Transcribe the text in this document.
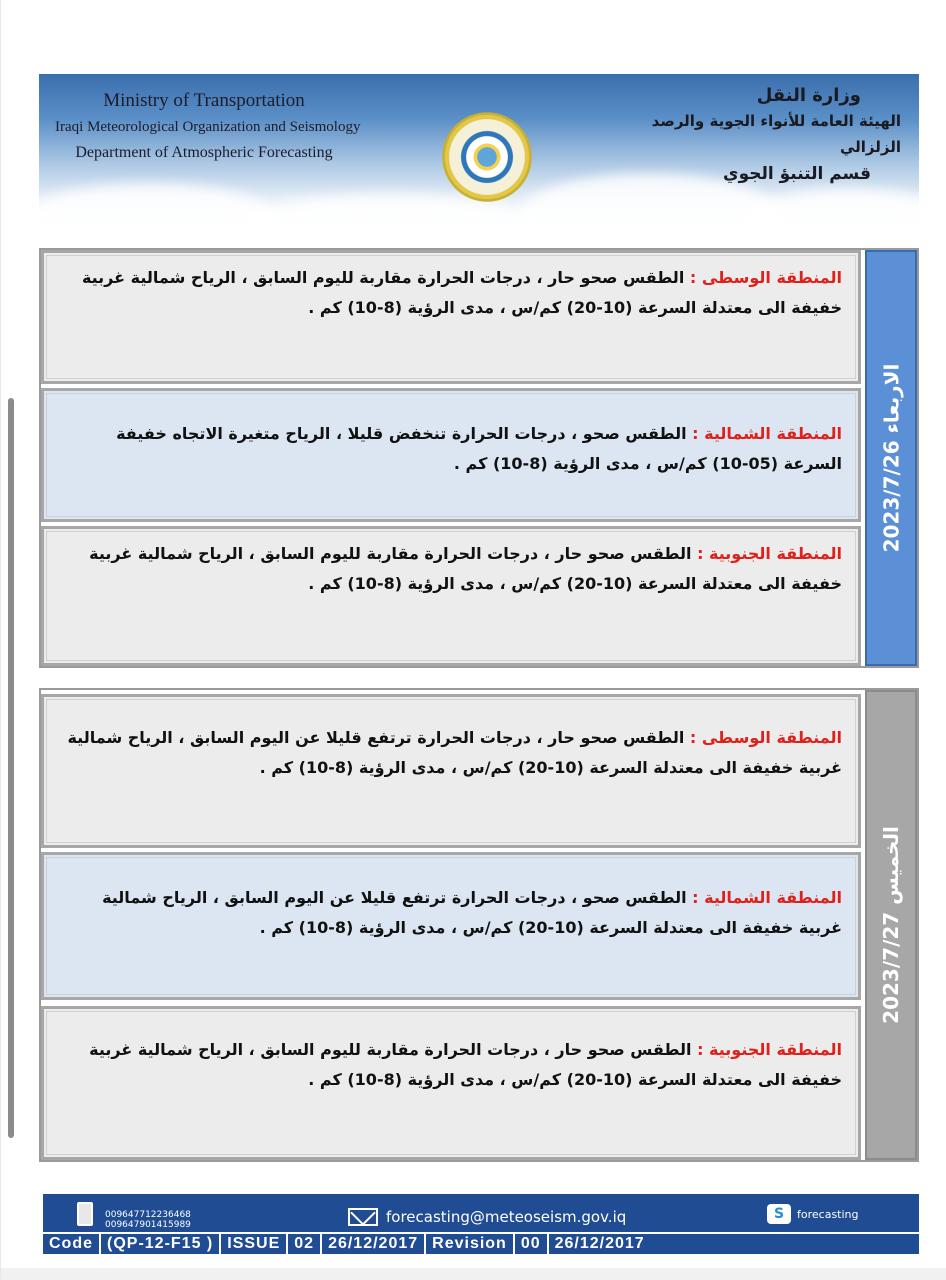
Ministry of Transportation
Iraqi Meteorological Organization and Seismology
Department of Atmospheric Forecasting
وزارة النقل
الهيئة العامة للأنواء الجوية والرصد الزلزالي
قسم التنبؤ الجوي

المنطقة الوسطى : الطقس صحو حار ، درجات الحرارة مقاربة لليوم السابق ، الرياح شمالية غربية خفيفة الى معتدلة السرعة (10-20) كم/س ، مدى الرؤية (8-10) كم .

المنطقة الشمالية : الطقس صحو ، درجات الحرارة تنخفض قليلا ، الرياح متغيرة الاتجاه خفيفة السرعة (05-10) كم/س ، مدى الرؤية (8-10) كم .

المنطقة الجنوبية : الطقس صحو حار ، درجات الحرارة مقاربة لليوم السابق ، الرياح شمالية غربية خفيفة الى معتدلة السرعة (10-20) كم/س ، مدى الرؤية (8-10) كم .

الاربعاء 2023/7/26

المنطقة الوسطى : الطقس صحو حار ، درجات الحرارة ترتفع قليلا عن اليوم السابق ، الرياح شمالية غربية خفيفة الى معتدلة السرعة (10-20) كم/س ، مدى الرؤية (8-10) كم .

المنطقة الشمالية : الطقس صحو ، درجات الحرارة ترتفع قليلا عن اليوم السابق ، الرياح شمالية غربية خفيفة الى معتدلة السرعة (10-20) كم/س ، مدى الرؤية (8-10) كم .

المنطقة الجنوبية : الطقس صحو حار ، درجات الحرارة مقاربة لليوم السابق ، الرياح شمالية غربية خفيفة الى معتدلة السرعة (10-20) كم/س ، مدى الرؤية (8-10) كم .

الخميس 2023/7/27
009647712236468
009647901415989	forecasting@meteoseism.gov.iq	S	forecasting
Code (QP-12-F15 ) ISSUE 02 26/12/2017 Revision 00 26/12/2017
